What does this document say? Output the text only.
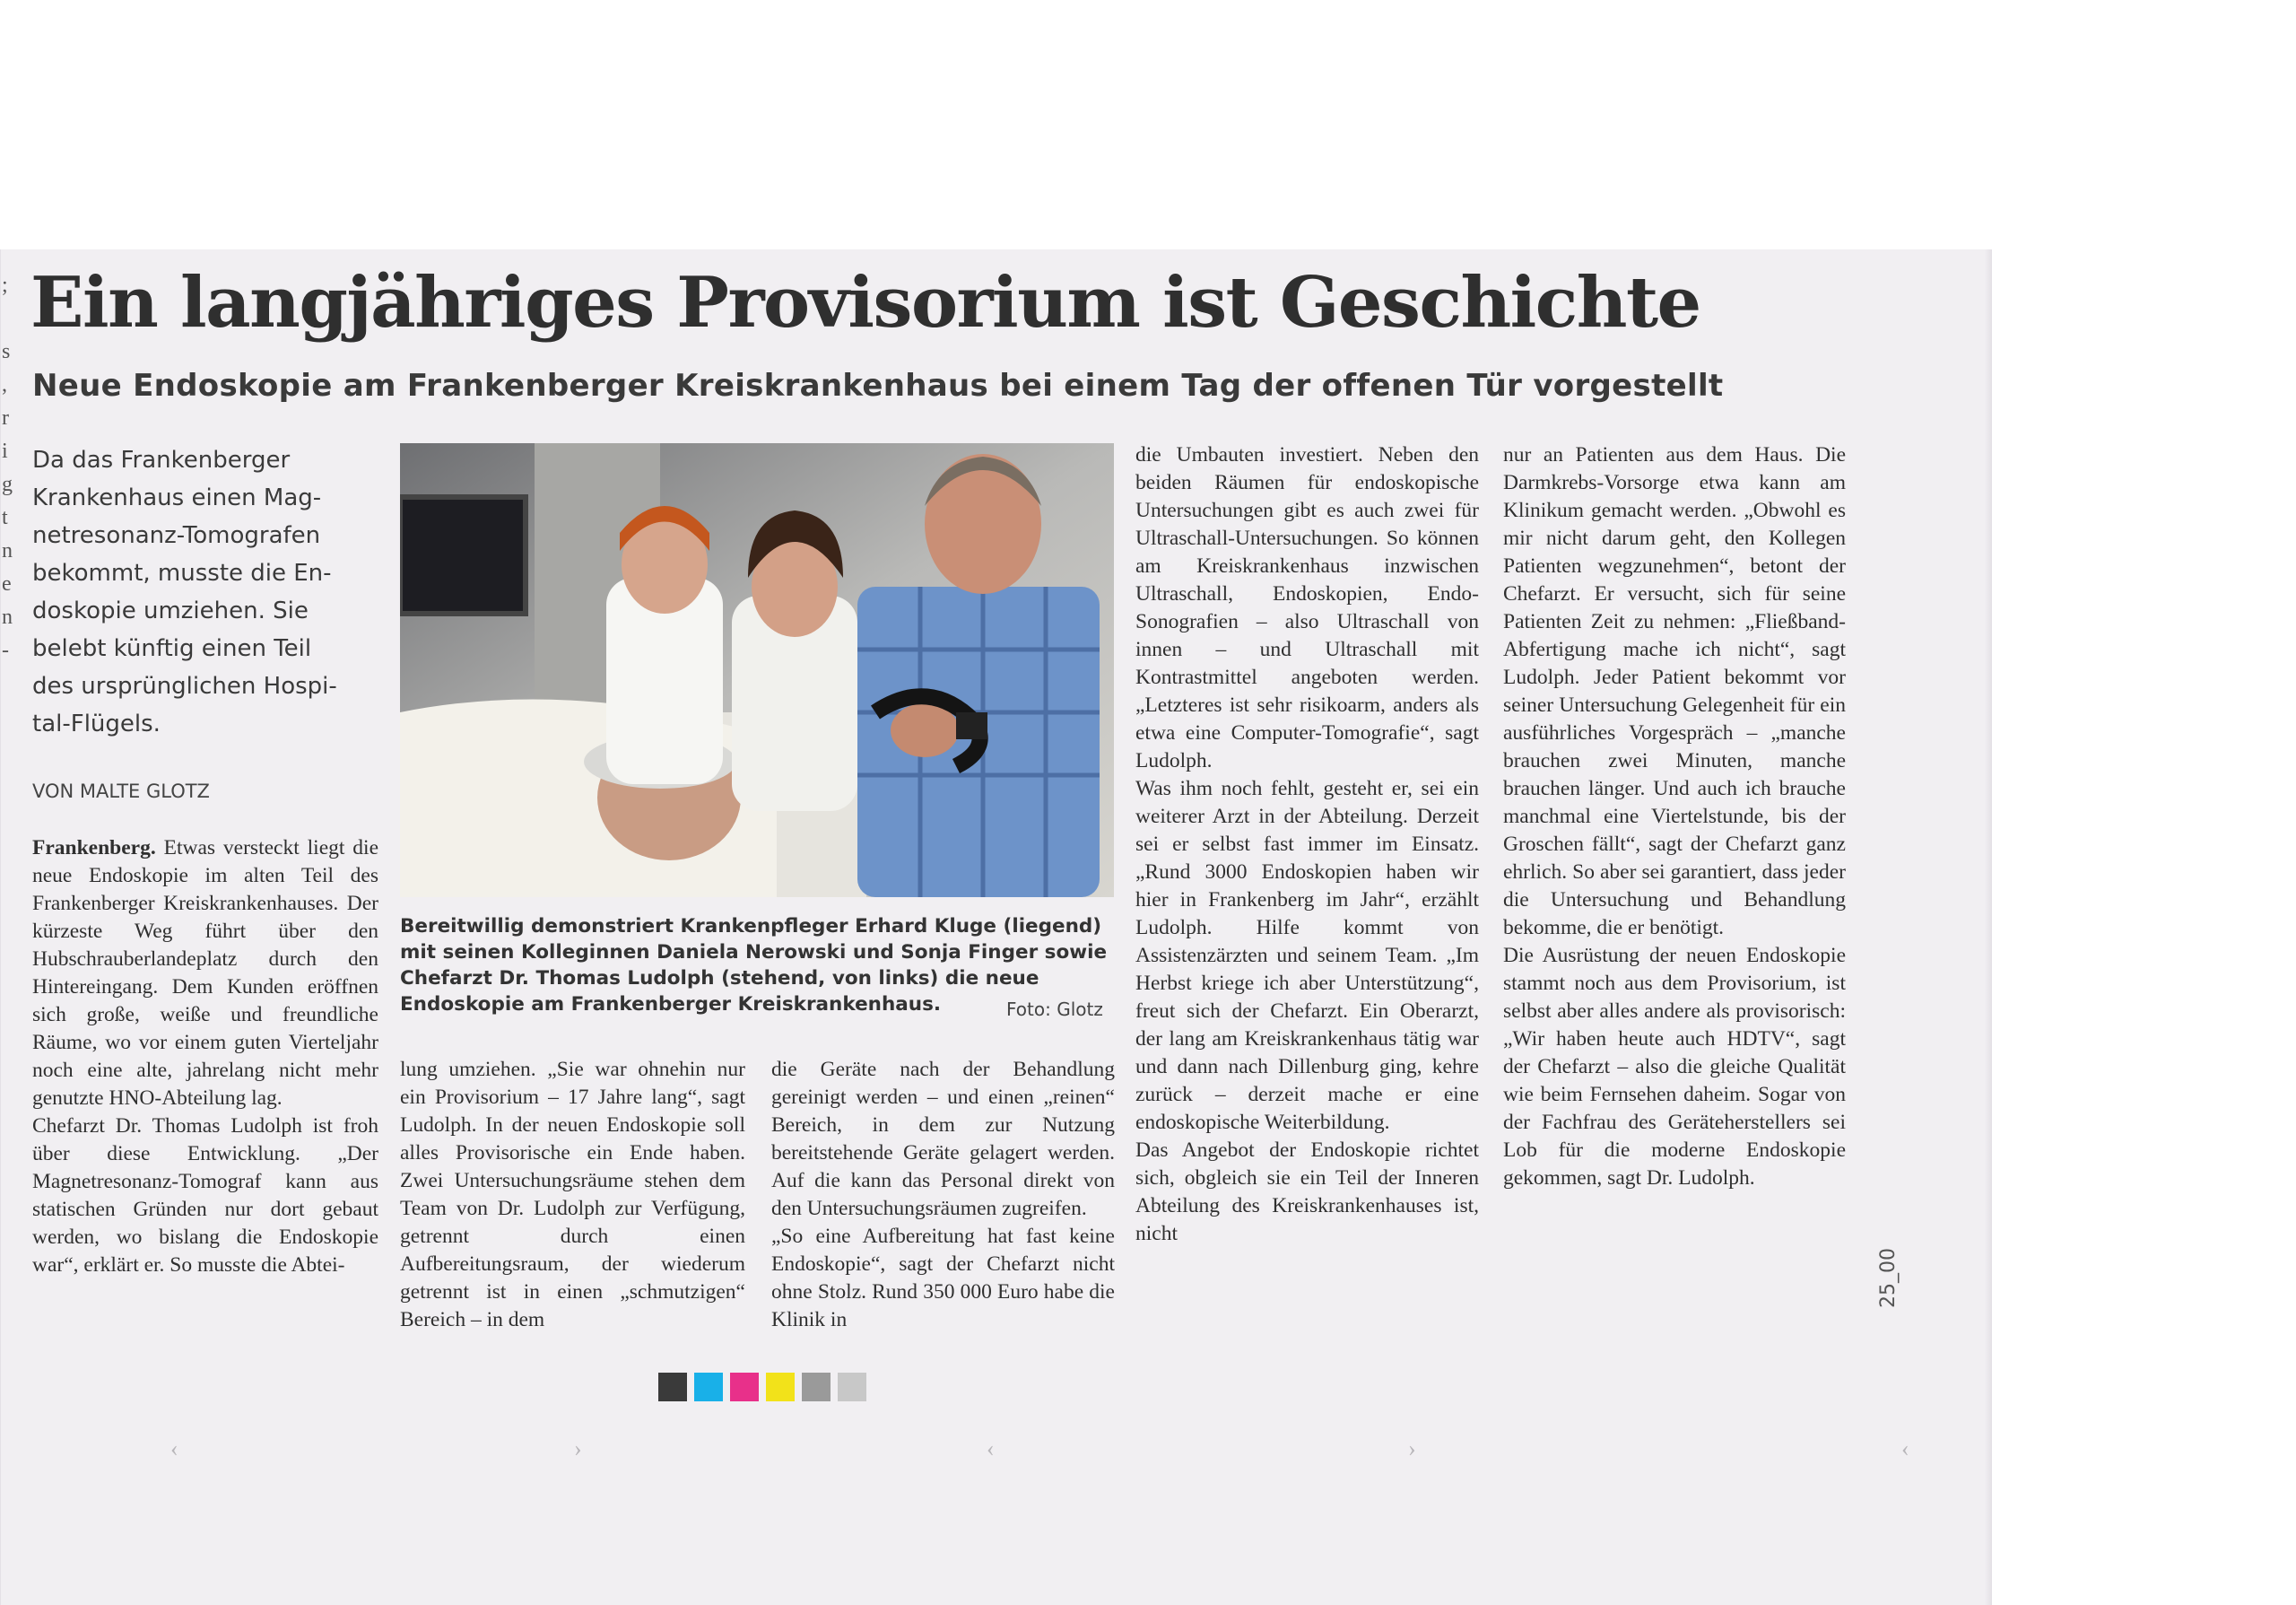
;
s
,
r
i
g
t
n
e
n
-
Ein langjähriges Provisorium ist Geschichte
Neue Endoskopie am Frankenberger Kreiskrankenhaus bei einem Tag der offenen Tür vorgestellt
Da das Frankenberger
Krankenhaus einen Mag-
netresonanz-Tomografen
bekommt, musste die En-
doskopie umziehen. Sie
belebt künftig einen Teil
des ursprünglichen Hospi-
tal-Flügels.
VON MALTE GLOTZ
Frankenberg. Etwas versteckt liegt die neue Endoskopie im alten Teil des Frankenberger Kreiskrankenhauses. Der kürzeste Weg führt über den Hubschrauberlandeplatz durch den Hintereingang. Dem Kunden eröffnen sich große, weiße und freundliche Räume, wo vor einem guten Vierteljahr noch eine alte, jahrelang nicht mehr genutzte HNO-Abteilung lag.
Chefarzt Dr. Thomas Ludolph ist froh über diese Entwicklung. „Der Magnetresonanz-Tomograf kann aus statischen Gründen nur dort gebaut werden, wo bislang die Endoskopie war“, erklärt er. So musste die Abtei-
Bereitwillig demonstriert Krankenpfleger Erhard Kluge (liegend) mit seinen Kolleginnen Daniela Nerowski und Sonja Finger sowie Chefarzt Dr. Thomas Ludolph (stehend, von links) die neue Endoskopie am Frankenberger Kreiskrankenhaus.	Foto: Glotz
lung umziehen. „Sie war ohnehin nur ein Provisorium – 17 Jahre lang“, sagt Ludolph. In der neuen Endoskopie soll alles Provisorische ein Ende haben. Zwei Untersuchungsräume stehen dem Team von Dr. Ludolph zur Verfügung, getrennt durch einen Aufbereitungsraum, der wiederum getrennt ist in einen „schmutzigen“ Bereich – in dem
die Geräte nach der Behandlung gereinigt werden – und einen „reinen“ Bereich, in dem zur Nutzung bereitstehende Geräte gelagert werden. Auf die kann das Personal direkt von den Untersuchungsräumen zugreifen.
„So eine Aufbereitung hat fast keine Endoskopie“, sagt der Chefarzt nicht ohne Stolz. Rund 350 000 Euro habe die Klinik in
die Umbauten investiert. Neben den beiden Räumen für endoskopische Untersuchungen gibt es auch zwei für Ultraschall-Untersuchungen. So können am Kreiskrankenhaus inzwischen Ultraschall, Endoskopien, Endo-Sonografien – also Ultraschall von innen – und Ultraschall mit Kontrastmittel angeboten werden. „Letzteres ist sehr risikoarm, anders als etwa eine Computer-Tomografie“, sagt Ludolph.
Was ihm noch fehlt, gesteht er, sei ein weiterer Arzt in der Abteilung. Derzeit sei er selbst fast immer im Einsatz. „Rund 3000 Endoskopien haben wir hier in Frankenberg im Jahr“, erzählt Ludolph. Hilfe kommt von Assistenzärzten und seinem Team. „Im Herbst kriege ich aber Unterstützung“, freut sich der Chefarzt. Ein Oberarzt, der lang am Kreiskrankenhaus tätig war und dann nach Dillenburg ging, kehre zurück – derzeit mache er eine endoskopische Weiterbildung.
Das Angebot der Endoskopie richtet sich, obgleich sie ein Teil der Inneren Abteilung des Kreiskrankenhauses ist, nicht
nur an Patienten aus dem Haus. Die Darmkrebs-Vorsorge etwa kann am Klinikum gemacht werden. „Obwohl es mir nicht darum geht, den Kollegen Patienten wegzunehmen“, betont der Chefarzt. Er versucht, sich für seine Patienten Zeit zu nehmen: „Fließband-Abfertigung mache ich nicht“, sagt Ludolph. Jeder Patient bekommt vor seiner Untersuchung Gelegenheit für ein ausführliches Vorgespräch – „manche brauchen zwei Minuten, manche brauchen länger. Und auch ich brauche manchmal eine Viertelstunde, bis der Groschen fällt“, sagt der Chefarzt ganz ehrlich. So aber sei garantiert, dass jeder die Untersuchung und Behandlung bekomme, die er benötigt.
Die Ausrüstung der neuen Endoskopie stammt noch aus dem Provisorium, ist selbst aber alles andere als provisorisch: „Wir haben heute auch HDTV“, sagt der Chefarzt – also die gleiche Qualität wie beim Fernsehen daheim. Sogar von der Fachfrau des Geräteherstellers sei Lob für die moderne Endoskopie gekommen, sagt Dr. Ludolph.
25_00
‹	›	‹	›	‹
